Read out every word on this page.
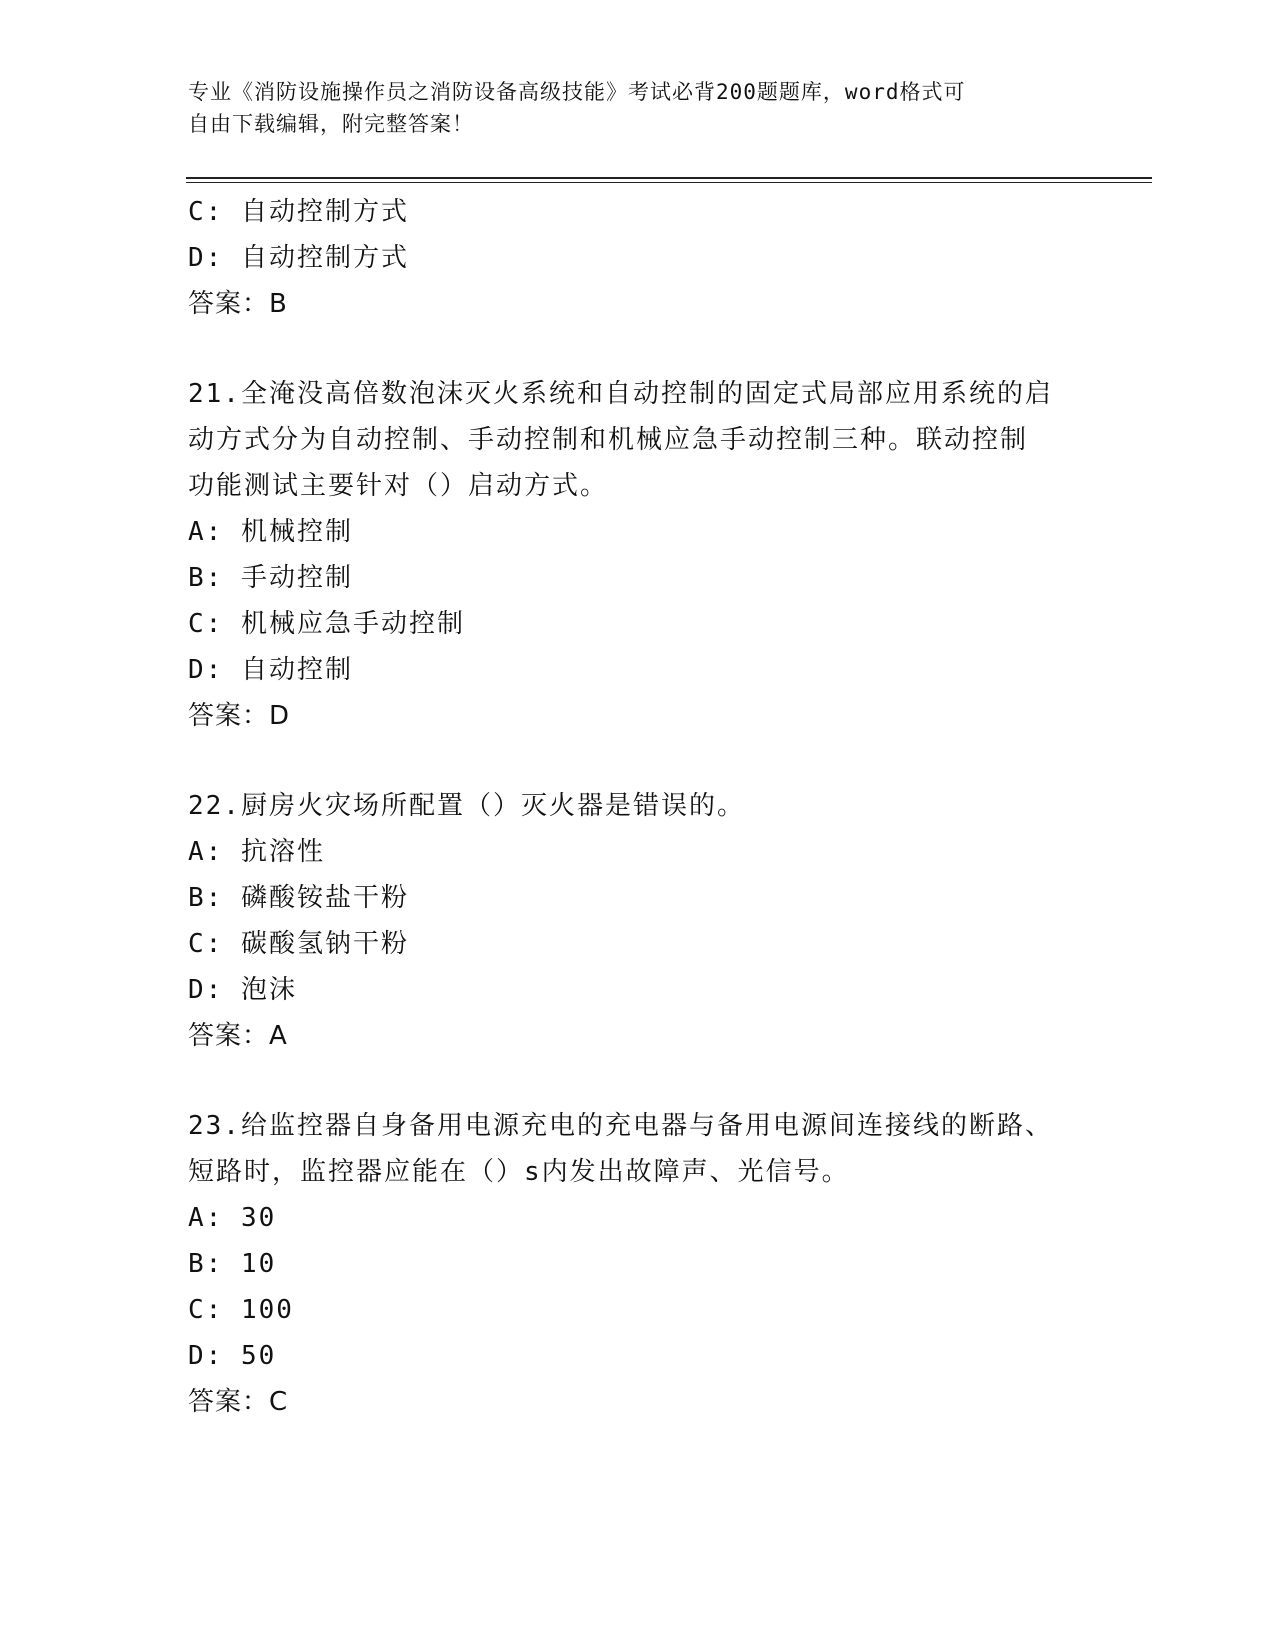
专业《消防设施操作员之消防设备高级技能》考试必背200题题库，word格式可
自由下载编辑，附完整答案！

C: 自动控制方式

D: 自动控制方式

答案：B

21.全淹没高倍数泡沫灭火系统和自动控制的固定式局部应用系统的启

动方式分为自动控制、手动控制和机械应急手动控制三种。联动控制

功能测试主要针对（）启动方式。

A: 机械控制

B: 手动控制

C: 机械应急手动控制

D: 自动控制

答案：D

22.厨房火灾场所配置（）灭火器是错误的。

A: 抗溶性

B: 磷酸铵盐干粉

C: 碳酸氢钠干粉

D: 泡沫

答案：A

23.给监控器自身备用电源充电的充电器与备用电源间连接线的断路、

短路时，监控器应能在（）s内发出故障声、光信号。

A: 30

B: 10

C: 100

D: 50

答案：C
